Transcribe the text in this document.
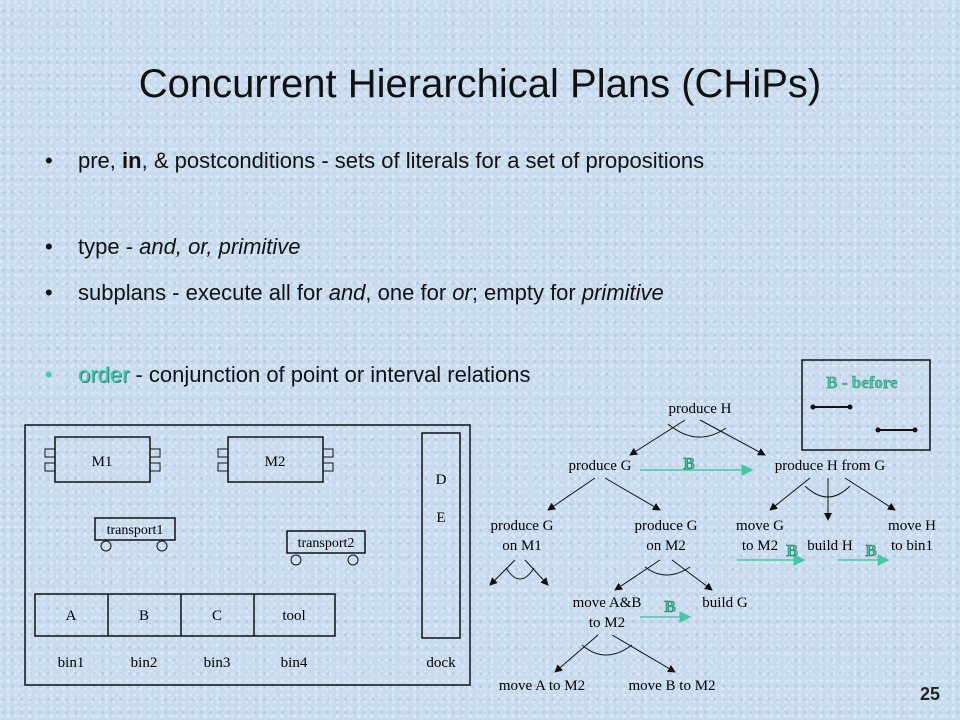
Concurrent Hierarchical Plans (CHiPs)
• pre, in, & postconditions - sets of literals for a set of propositions
• type - and, or, primitive
• subplans - execute all for and, one for or; empty for primitive
• order - conjunction of point or interval relations	B - before
M1	M2
transport1
transport2
D
E
A	B	C	tool
bin1	bin2	bin3	bin4	dock
produce H
produce G	produce H from G
B
produce G
on M1
produce G
on M2
move G
to M2 build H
move H
to bin1
B	B
move A&B
to M2
build G
B
move A to M2	move B to M2	25
